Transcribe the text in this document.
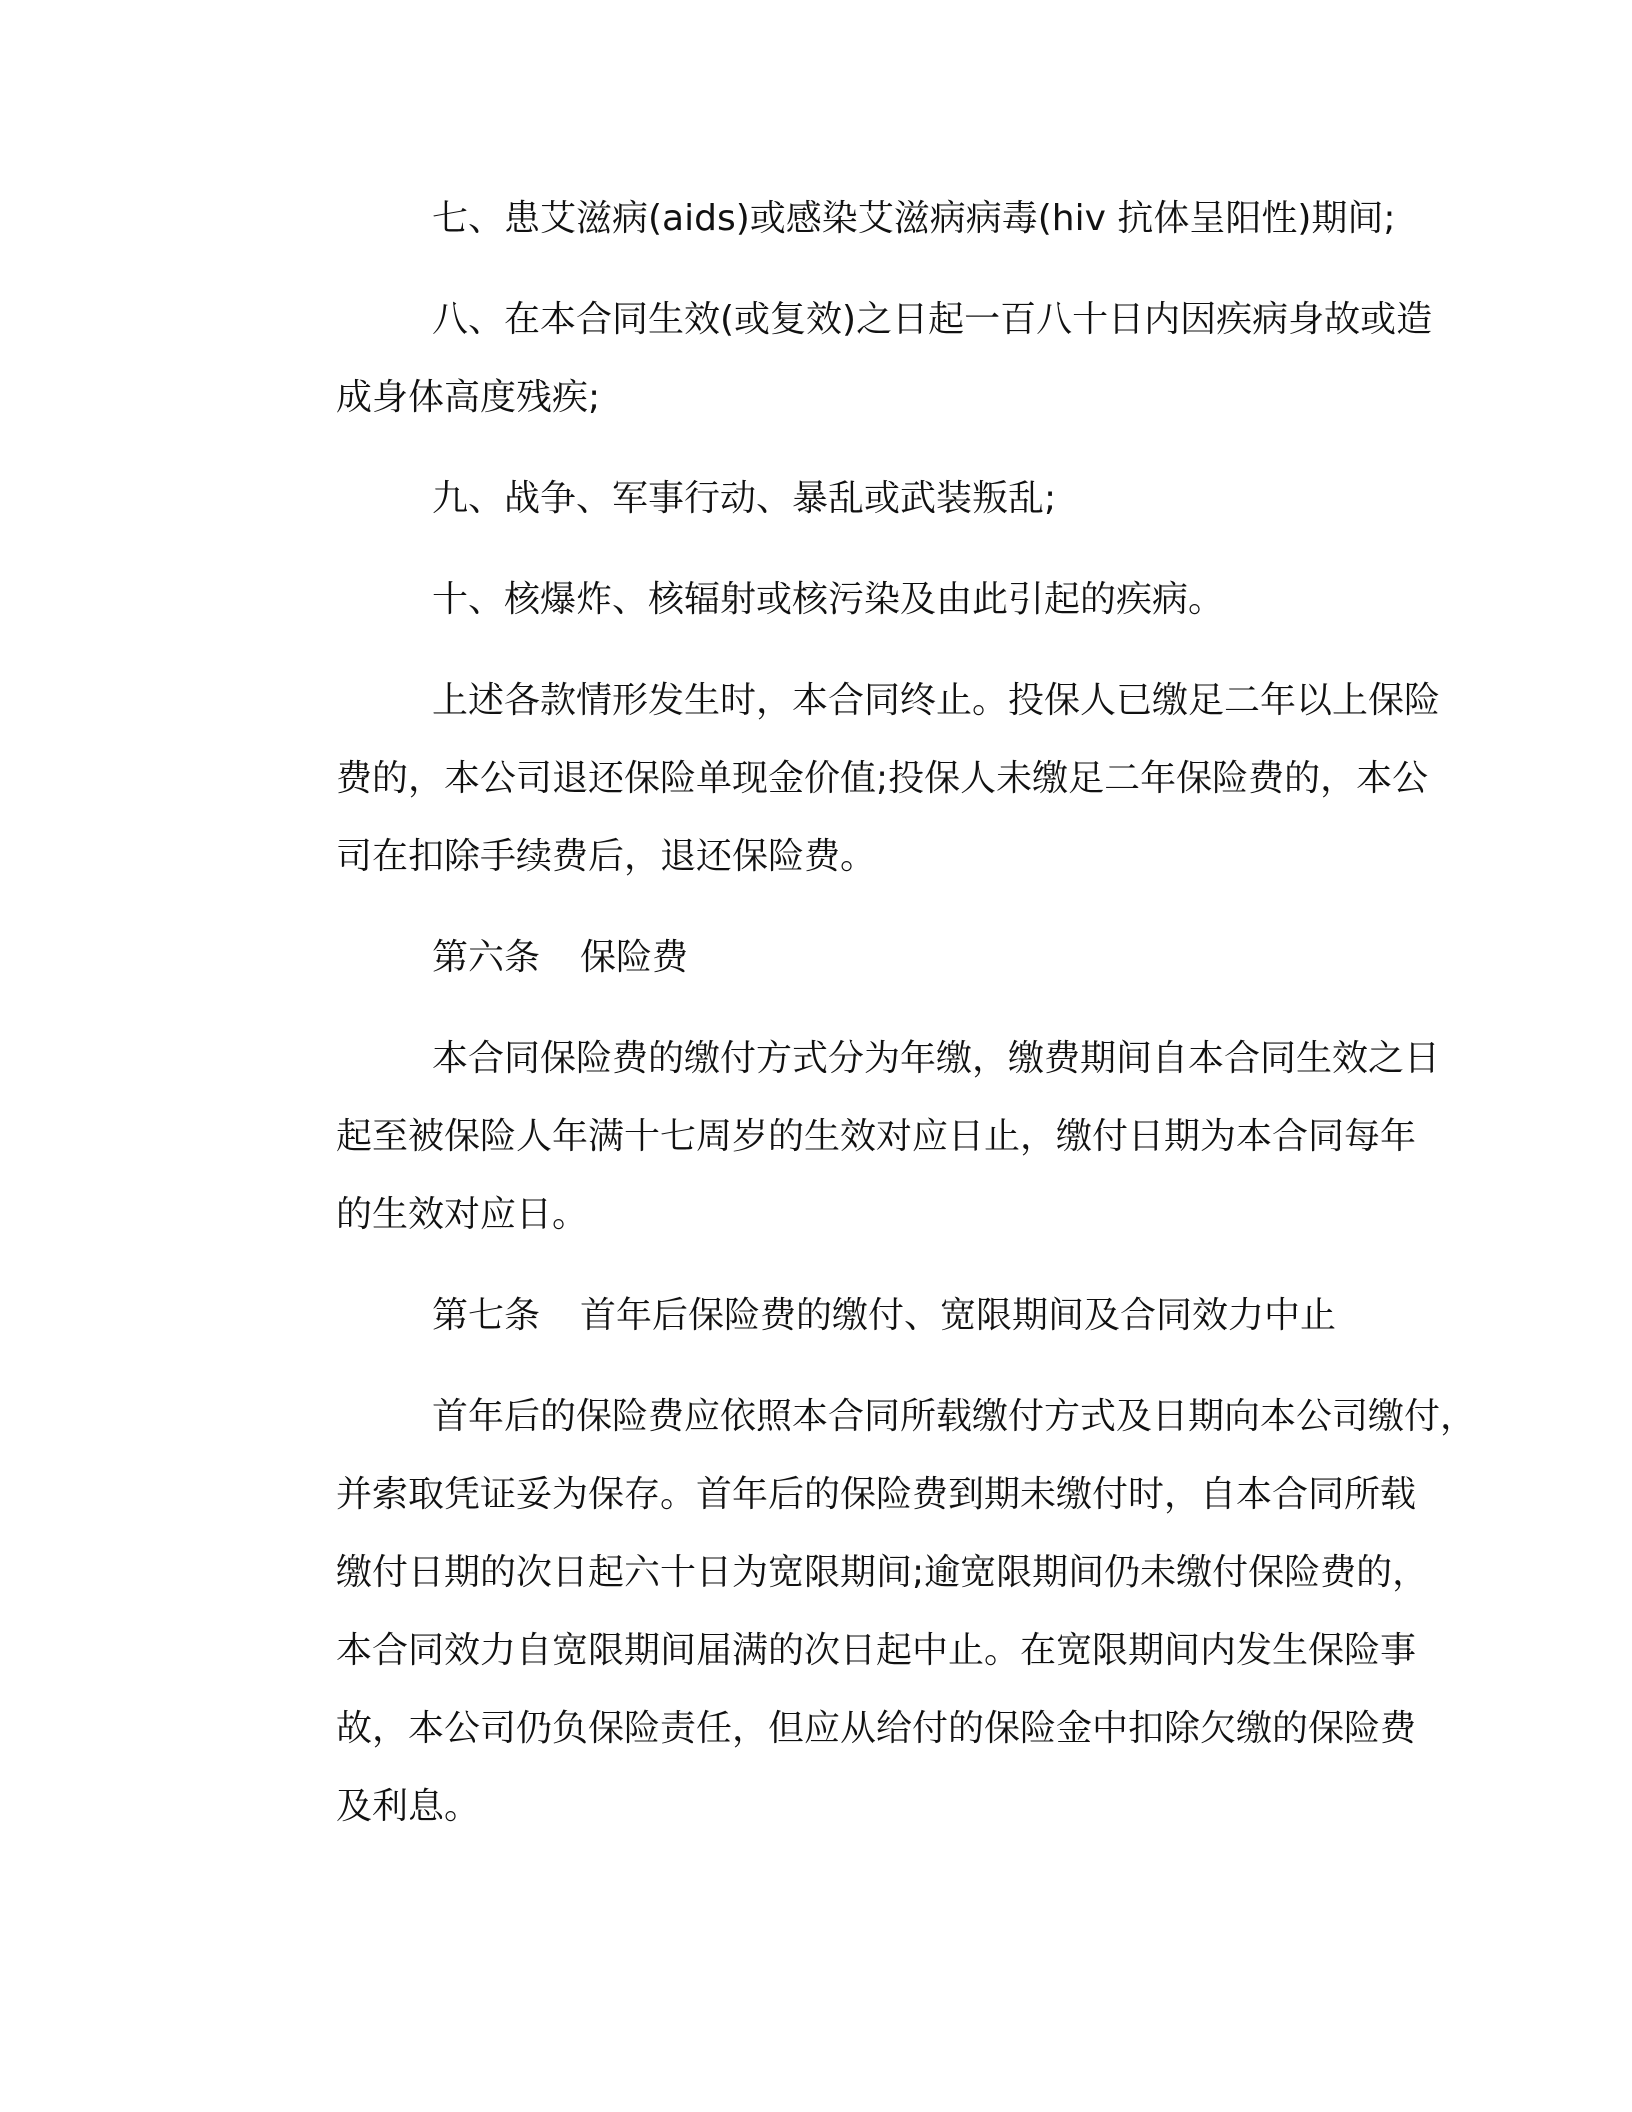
七、患艾滋病(aids)或感染艾滋病病毒(hiv 抗体呈阳性)期间;
八、在本合同生效(或复效)之日起一百八十日内因疾病身故或造
成身体高度残疾;
九、战争、军事行动、暴乱或武装叛乱;
十、核爆炸、核辐射或核污染及由此引起的疾病。
上述各款情形发生时，本合同终止。投保人已缴足二年以上保险
费的，本公司退还保险单现金价值;投保人未缴足二年保险费的，本公
司在扣除手续费后，退还保险费。
第六条 保险费
本合同保险费的缴付方式分为年缴，缴费期间自本合同生效之日
起至被保险人年满十七周岁的生效对应日止，缴付日期为本合同每年
的生效对应日。
第七条 首年后保险费的缴付、宽限期间及合同效力中止
首年后的保险费应依照本合同所载缴付方式及日期向本公司缴付，
并索取凭证妥为保存。首年后的保险费到期未缴付时，自本合同所载
缴付日期的次日起六十日为宽限期间;逾宽限期间仍未缴付保险费的，
本合同效力自宽限期间届满的次日起中止。在宽限期间内发生保险事
故，本公司仍负保险责任，但应从给付的保险金中扣除欠缴的保险费
及利息。
